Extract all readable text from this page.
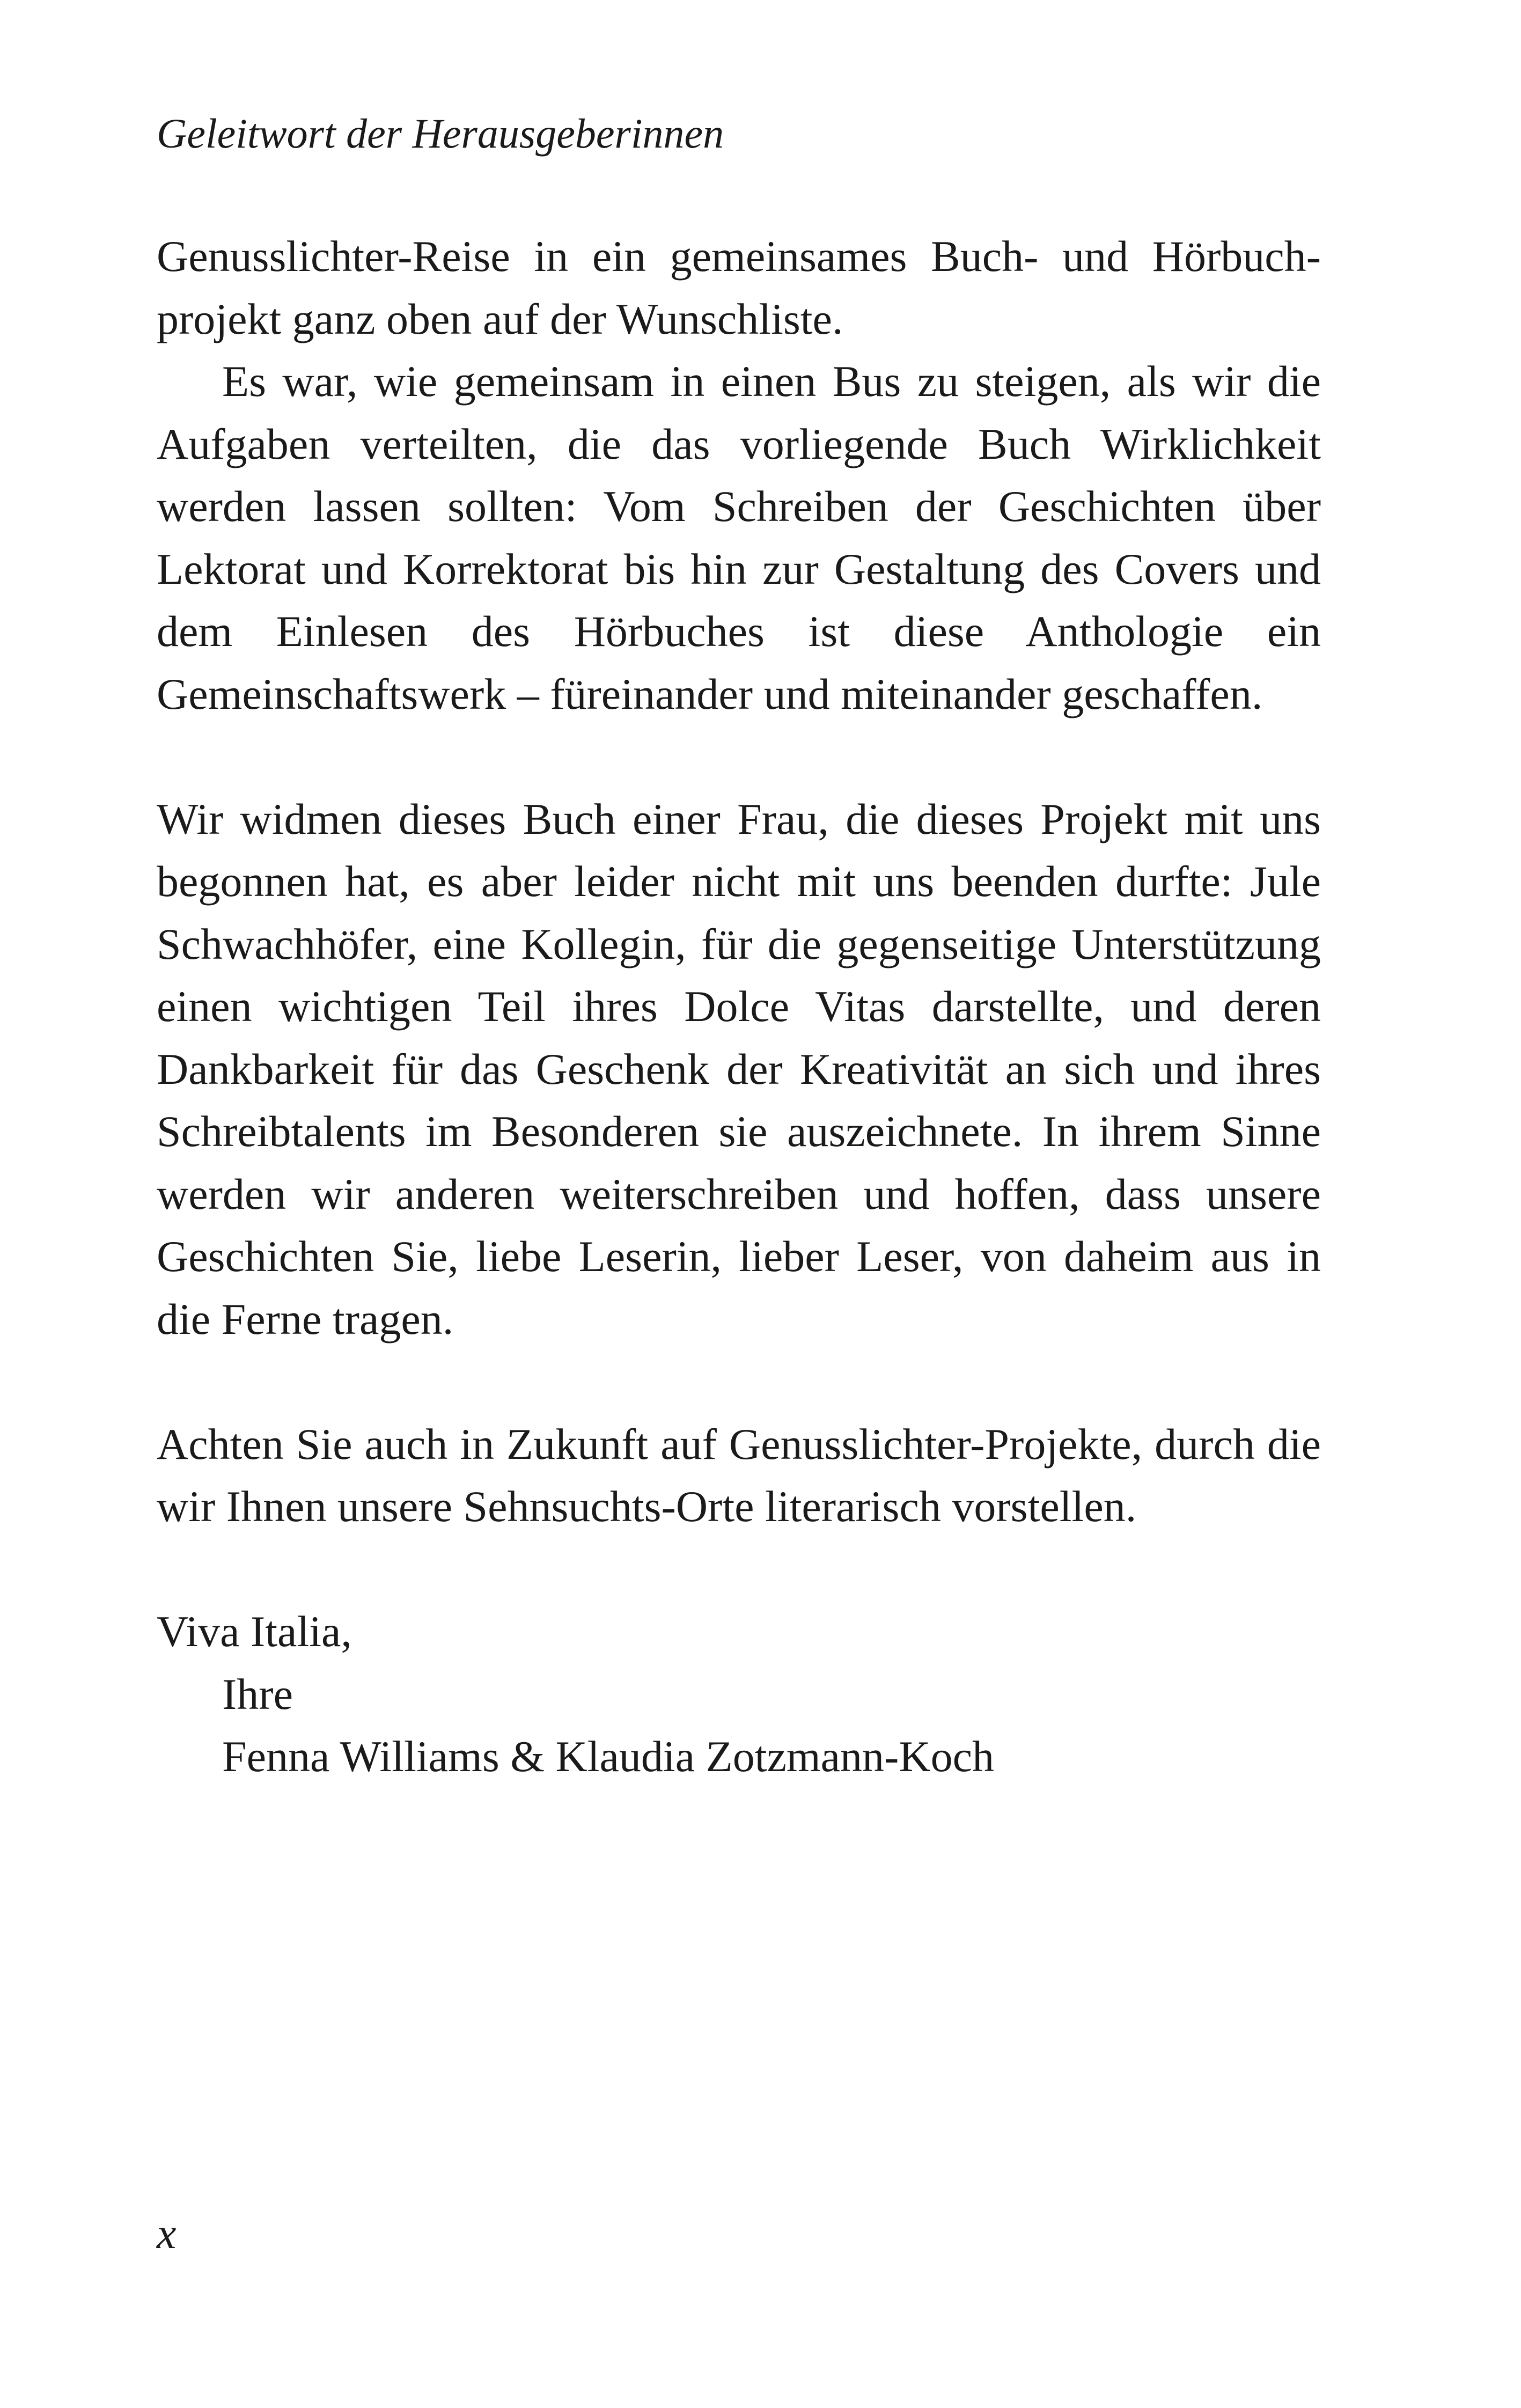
Geleitwort der Herausgeberinnen

Genusslichter-Reise in ein gemeinsames Buch- und Hörbuchprojekt ganz oben auf der Wunschliste.

Es war, wie gemeinsam in einen Bus zu steigen, als wir die Aufgaben verteilten, die das vorliegende Buch Wirklichkeit werden lassen sollten: Vom Schreiben der Geschichten über Lektorat und Korrektorat bis hin zur Gestaltung des Covers und dem Einlesen des Hörbuches ist diese Anthologie ein Gemeinschaftswerk – füreinander und miteinander geschaffen.

Wir widmen dieses Buch einer Frau, die dieses Projekt mit uns begonnen hat, es aber leider nicht mit uns beenden durfte: Jule Schwachhöfer, eine Kollegin, für die gegenseitige Unterstützung einen wichtigen Teil ihres Dolce Vitas darstellte, und deren Dankbarkeit für das Geschenk der Kreativität an sich und ihres Schreibtalents im Besonderen sie auszeichnete. In ihrem Sinne werden wir anderen weiterschreiben und hoffen, dass unsere Geschichten Sie, liebe Leserin, lieber Leser, von daheim aus in die Ferne tragen.

Achten Sie auch in Zukunft auf Genusslichter-Projekte, durch die wir Ihnen unsere Sehnsuchts-Orte literarisch vorstellen.

Viva Italia,
Ihre
Fenna Williams & Klaudia Zotzmann-Koch
x
